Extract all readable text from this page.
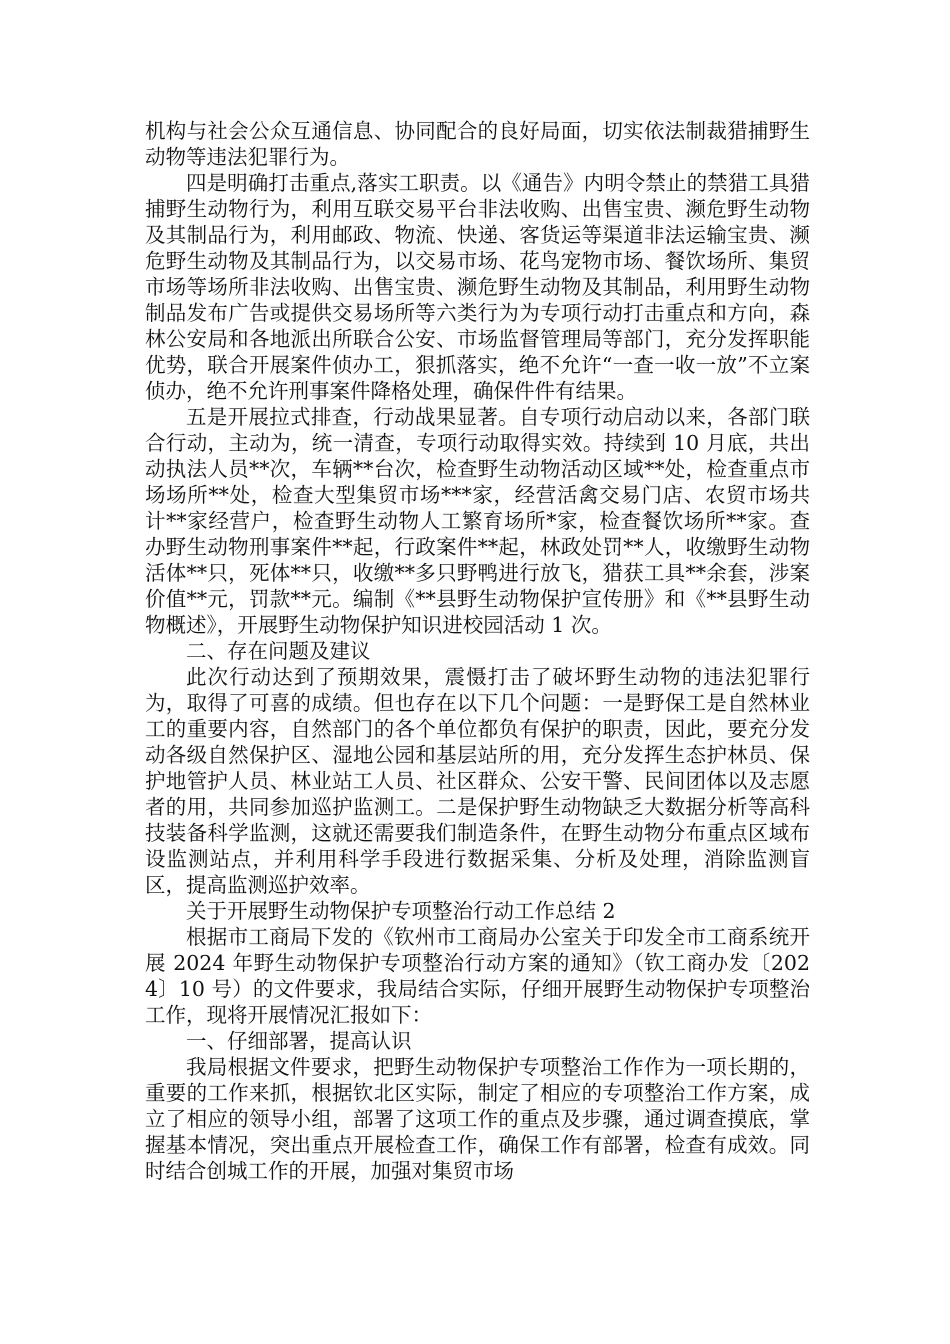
机构与社会公众互通信息、协同配合的良好局面，切实依法制裁猎捕野生动物等违法犯罪行为。

四是明确打击重点,落实工职责。以《通告》内明令禁止的禁猎工具猎捕野生动物行为，利用互联交易平台非法收购、出售宝贵、濒危野生动物及其制品行为，利用邮政、物流、快递、客货运等渠道非法运输宝贵、濒危野生动物及其制品行为，以交易市场、花鸟宠物市场、餐饮场所、集贸市场等场所非法收购、出售宝贵、濒危野生动物及其制品，利用野生动物制品发布广告或提供交易场所等六类行为为专项行动打击重点和方向，森林公安局和各地派出所联合公安、市场监督管理局等部门，充分发挥职能优势，联合开展案件侦办工，狠抓落实，绝不允许“一查一收一放”不立案侦办，绝不允许刑事案件降格处理，确保件件有结果。

五是开展拉式排查，行动战果显著。自专项行动启动以来，各部门联合行动，主动为，统一清查，专项行动取得实效。持续到 10 月底，共出动执法人员**次，车辆**台次，检查野生动物活动区域**处，检查重点市场场所**处，检查大型集贸市场***家，经营活禽交易门店、农贸市场共计**家经营户，检查野生动物人工繁育场所*家，检查餐饮场所**家。查办野生动物刑事案件**起，行政案件**起，林政处罚**人，收缴野生动物活体**只，死体**只，收缴**多只野鸭进行放飞，猎获工具**余套，涉案价值**元，罚款**元。编制《**县野生动物保护宣传册》和《**县野生动物概述》，开展野生动物保护知识进校园活动 1 次。

二、存在问题及建议

此次行动达到了预期效果，震慑打击了破坏野生动物的违法犯罪行为，取得了可喜的成绩。但也存在以下几个问题：一是野保工是自然林业工的重要内容，自然部门的各个单位都负有保护的职责，因此，要充分发动各级自然保护区、湿地公园和基层站所的用，充分发挥生态护林员、保护地管护人员、林业站工人员、社区群众、公安干警、民间团体以及志愿者的用，共同参加巡护监测工。二是保护野生动物缺乏大数据分析等高科技装备科学监测，这就还需要我们制造条件，在野生动物分布重点区域布设监测站点，并利用科学手段进行数据采集、分析及处理，消除监测盲区，提高监测巡护效率。

关于开展野生动物保护专项整治行动工作总结 2

根据市工商局下发的《钦州市工商局办公室关于印发全市工商系统开展 2024 年野生动物保护专项整治行动方案的通知》（钦工商办发〔2024〕10 号）的文件要求，我局结合实际，仔细开展野生动物保护专项整治工作，现将开展情况汇报如下：

一、仔细部署，提高认识

我局根据文件要求，把野生动物保护专项整治工作作为一项长期的，重要的工作来抓，根据钦北区实际，制定了相应的专项整治工作方案，成立了相应的领导小组，部署了这项工作的重点及步骤，通过调查摸底，掌握基本情况，突出重点开展检查工作，确保工作有部署，检查有成效。同时结合创城工作的开展，加强对集贸市场
